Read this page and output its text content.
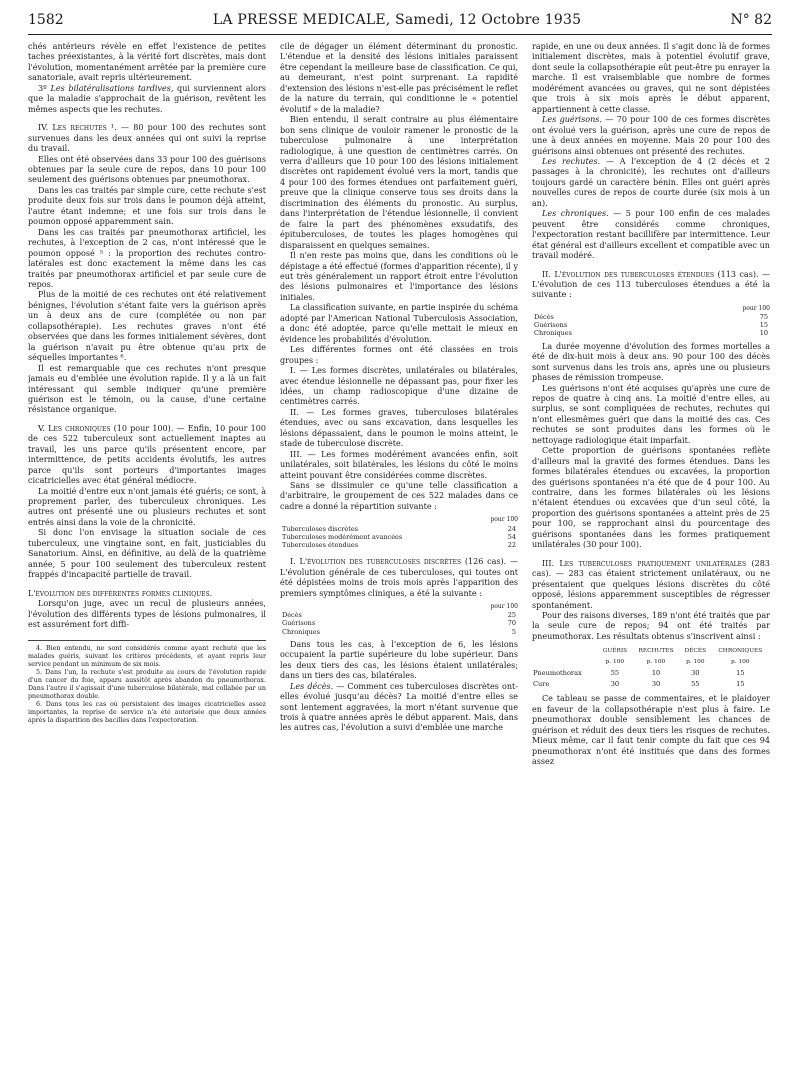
1582	LA PRESSE MEDICALE, Samedi, 12 Octobre 1935	N° 82

chés antérieurs révèle en effet l'existence de petites taches préexistantes, à la vérité fort discrètes, mais dont l'évolution, momentanément arrêtée par la première cure sanatoriale, avait repris ultérieurement.

3º Les bilatéralisations tardives, qui surviennent alors que la maladie s'approchait de la guérison, revêtent les mêmes aspects que les rechutes.

IV. Les rechutes ¹. — 80 pour 100 des rechutes sont survenues dans les deux années qui ont suivi la reprise du travail.

Elles ont été observées dans 33 pour 100 des guérisons obtenues par la seule cure de repos, dans 10 pour 100 seulement des guérisons obtenues par pneumothorax.

Dans les cas traités par simple cure, cette rechute s'est produite deux fois sur trois dans le poumon déjà atteint, l'autre étant indemne; et une fois sur trois dans le poumon opposé apparemment sain.

Dans les cas traités par pneumothorax artificiel, les rechutes, à l'exception de 2 cas, n'ont intéressé que le poumon opposé ⁵ : la proportion des rechutes contro-latérales est donc exactement la même dans les cas traités par pneumothorax artificiel et par seule cure de repos.

Plus de la moitié de ces rechutes ont été relativement bénignes, l'évolution s'étant faite vers la guérison après un à deux ans de cure (complétée ou non par collapsothérapie). Les rechutes graves n'ont été observées que dans les formes initialement sévères, dont la guérison n'avait pu être obtenue qu'au prix de séquelles importantes ⁶.

Il est remarquable que ces rechutes n'ont presque jamais eu d'emblée une évolution rapide. Il y a là un fait intéressant qui semble indiquer qu'une première guérison est le témoin, ou la cause, d'une certaine résistance organique.

V. Les chroniques (10 pour 100). — Enfin, 10 pour 100 de ces 522 tuberculeux sont actuellement inaptes au travail, les uns parce qu'ils présentent encore, par intermittence, de petits accidents évolutifs, les autres parce qu'ils sont porteurs d'importantes images cicatricielles avec état général médiocre.

La moitié d'entre eux n'ont jamais été guéris; ce sont, à proprement parler, des tuberculeux chroniques. Les autres ont présenté une ou plusieurs rechutes et sont entrés ainsi dans la voie de la chronicité.

Si donc l'on envisage la situation sociale de ces tuberculeux, une vingtaine sont, en fait, justiciables du Sanatorium. Ainsi, en définitive, au delà de la quatrième année, 5 pour 100 seulement des tuberculeux restent frappés d'incapacité partielle de travail.

L'évolution des différentes formes cliniques.

Lorsqu'on juge, avec un recul de plusieurs années, l'évolution des différents types de lésions pulmonaires, il est assurément fort diffi-

4. Bien entendu, ne sont considérés comme ayant rechuté que les malades guéris, suivant les critères précédents, et ayant repris leur service pendant un minimum de six mois.

5. Dans l'un, la rechute s'est produite au cours de l'évolution rapide d'un cancer du foie, apparu aussitôt après abandon du pneumothorax. Dans l'autre il s'agissait d'une tuberculose bilatérale, mal collabée par un pneumothorax double.

6. Dans tous les cas où persistaient des images cicatricielles assez importantes, la reprise de service n'a été autorisée que deux années après la disparition des bacilles dans l'expectoration.

cile de dégager un élément déterminant du pronostic. L'étendue et la densité des lésions initiales paraissent être cependant la meilleure base de classification. Ce qui, au demeurant, n'est point surprenant. La rapidité d'extension des lésions n'est-elle pas précisément le reflet de la nature du terrain, qui conditionne le « potentiel évolutif » de la maladie?

Bien entendu, il serait contraire au plus élémentaire bon sens clinique de vouloir ramener le pronostic de la tuberculose pulmonaire à une interprétation radiologique, à une question de centimètres carrés. On verra d'ailleurs que 10 pour 100 des lésions initialement discrètes ont rapidement évolué vers la mort, tandis que 4 pour 100 des formes étendues ont parfaitement guéri, preuve que la clinique conserve tous ses droits dans la discrimination des éléments du pronostic. Au surplus, dans l'interprétation de l'étendue lésionnelle, il convient de faire la part des phénomènes exsudatifs, des épituberculoses, de toutes les plages homogènes qui disparaissent en quelques semaines.

Il n'en reste pas moins que, dans les conditions où le dépistage a été effectué (formes d'apparition récente), il y eut très généralement un rapport étroit entre l'évolution des lésions pulmonaires et l'importance des lésions initiales.

La classification suivante, en partie inspirée du schéma adopté par l'American National Tuberculosis Association, a donc été adoptée, parce qu'elle mettait le mieux en évidence les probabilités d'évolution.

Les différentes formes ont été classées en trois groupes :

I. — Les formes discrètes, unilatérales ou bilatérales, avec étendue lésionnelle ne dépassant pas, pour fixer les idées, un champ radioscopique d'une dizaine de centimètres carrés.

II. — Les formes graves, tuberculoses bilatérales étendues, avec ou sans excavation, dans lesquelles les lésions dépassaient, dans le poumon le moins atteint, le stade de tuberculose discrète.

III. — Les formes modérément avancées enfin, soit unilatérales, soit bilatérales, les lésions du côté le moins atteint pouvant être considérées comme discrètes.

Sans se dissimuler ce qu'une telle classification a d'arbitraire, le groupement de ces 522 malades dans ce cadre a donné la répartition suivante :

pour 100
Tuberculoses discrètes	24
Tuberculoses modérément avancées	54
Tuberculoses étendues	22

I. L'évolution des tuberculoses discrètes (126 cas). — L'évolution générale de ces tuberculoses, qui toutes ont été dépistées moins de trois mois après l'apparition des premiers symptômes cliniques, a été la suivante :

pour 100
Décès	25
Guérisons	70
Chroniques	5

Dans tous les cas, à l'exception de 6, les lésions occupaient la partie supérieure du lobe supérieur. Dans les deux tiers des cas, les lésions étaient unilatérales; dans un tiers des cas, bilatérales.

Les décès. — Comment ces tuberculoses discrètes ont-elles évolué jusqu'au décès? La moitié d'entre elles se sont lentement aggravées, la mort n'étant survenue que trois à quatre années après le début apparent. Mais, dans les autres cas, l'évolution a suivi d'emblée une marche

rapide, en une ou deux années. Il s'agit donc là de formes initialement discrètes, mais à potentiel évolutif grave, dont seule la collapsothérapie eût peut-être pu enrayer la marche. Il est vraisemblable que nombre de formes modérément avancées ou graves, qui ne sont dépistées que trois à six mois après le début apparent, appartiennent à cette classe.

Les guérisons. — 70 pour 100 de ces formes discrètes ont évolué vers la guérison, après une cure de repos de une à deux années en moyenne. Mais 20 pour 100 des guérisons ainsi obtenues ont présenté des rechutes.

Les rechutes. — A l'exception de 4 (2 décès et 2 passages à la chronicité), les rechutes ont d'ailleurs toujours gardé un caractère bénin. Elles ont guéri après nouvelles cures de repos de courte durée (six mois à un an).

Les chroniques. — 5 pour 100 enfin de ces malades peuvent être considérés comme chroniques, l'expectoration restant bacillifère par intermittence. Leur état général est d'ailleurs excellent et compatible avec un travail modéré.

II. L'évolution des tuberculoses étendues (113 cas). — L'évolution de ces 113 tuberculoses étendues a été la suivante :

pour 100
Décès	75
Guérisons	15
Chroniques	10

La durée moyenne d'évolution des formes mortelles a été de dix-huit mois à deux ans. 90 pour 100 des décès sont survenus dans les trois ans, après une ou plusieurs phases de rémission trompeuse.

Les guérisons n'ont été acquises qu'après une cure de repos de quatre à cinq ans. La moitié d'entre elles, au surplus, se sont compliquées de rechutes, rechutes qui n'ont ellesmêmes guéri que dans la moitié des cas. Ces rechutes se sont produites dans les formes où le nettoyage radiologique était imparfait.

Cette proportion de guérisons spontanées reflète d'ailleurs mal la gravité des formes étendues. Dans les formes bilatérales étendues ou excavées, la proportion des guérisons spontanées n'a été que de 4 pour 100. Au contraire, dans les formes bilatérales où les lésions n'étaient étendues ou excavées que d'un seul côté, la proportion des guérisons spontanées a atteint près de 25 pour 100, se rapprochant ainsi du pourcentage des guérisons spontanées dans les formes pratiquement unilatérales (30 pour 100).

III. Les tuberculoses pratiquement unilatérales (283 cas). — 283 cas étaient strictement unilatéraux, ou ne présentaient que quelques lésions discrètes du côté opposé, lésions apparemment susceptibles de régresser spontanément.

Pour des raisons diverses, 189 n'ont été traités que par la seule cure de repos; 94 ont été traités par pneumothorax. Les résultats obtenus s'inscrivent ainsi :

	GUÉRIS	RECHUTES	DÉCÈS	CHRONIQUES
	p. 100	p. 100	p. 100	p. 100
Pneumothorax	55	10	30	15
Cure	30	30	55	15

Ce tableau se passe de commentaires, et le plaidoyer en faveur de la collapsothérapie n'est plus à faire. Le pneumothorax double sensiblement les chances de guérison et réduit des deux tiers les risques de rechutes. Mieux même, car il faut tenir compte du fait que ces 94 pneumothorax n'ont été institués que dans des formes assez
